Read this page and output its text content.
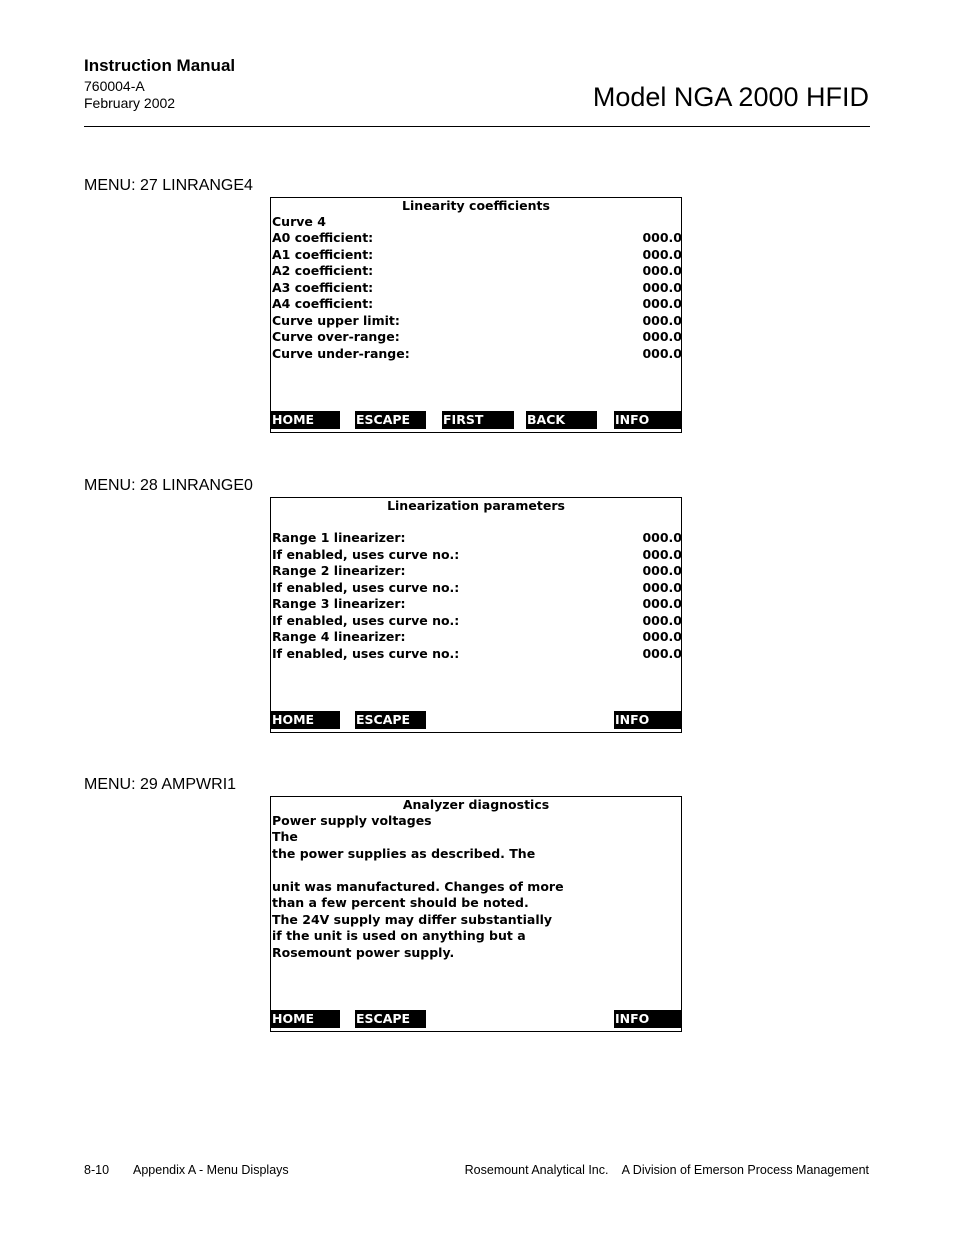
Instruction Manual
760004-A
February 2002	Model NGA 2000 HFID
MENU: 27 LINRANGE4
Linearity coefficients
Curve 4
A0 coefficient:	000.0
A1 coefficient:	000.0
A2 coefficient:	000.0
A3 coefficient:	000.0
A4 coefficient:	000.0
Curve upper limit:	000.0
Curve over-range:	000.0
Curve under-range:	000.0
HOME	ESCAPE	FIRST	BACK	INFO
MENU: 28 LINRANGE0
Linearization parameters
Range 1 linearizer:	000.0
If enabled, uses curve no.:	000.0
Range 2 linearizer:	000.0
If enabled, uses curve no.:	000.0
Range 3 linearizer:	000.0
If enabled, uses curve no.:	000.0
Range 4 linearizer:	000.0
If enabled, uses curve no.:	000.0
HOME	ESCAPE	INFO
MENU: 29 AMPWRI1
Analyzer diagnostics
Power supply voltages
The
the power supplies as described. The
unit was manufactured. Changes of more
than a few percent should be noted.
The 24V supply may differ substantially
if the unit is used on anything but a
Rosemount power supply.
HOME	ESCAPE	INFO
8-10 Appendix A - Menu Displays	Rosemount Analytical Inc.    A Division of Emerson Process Management
